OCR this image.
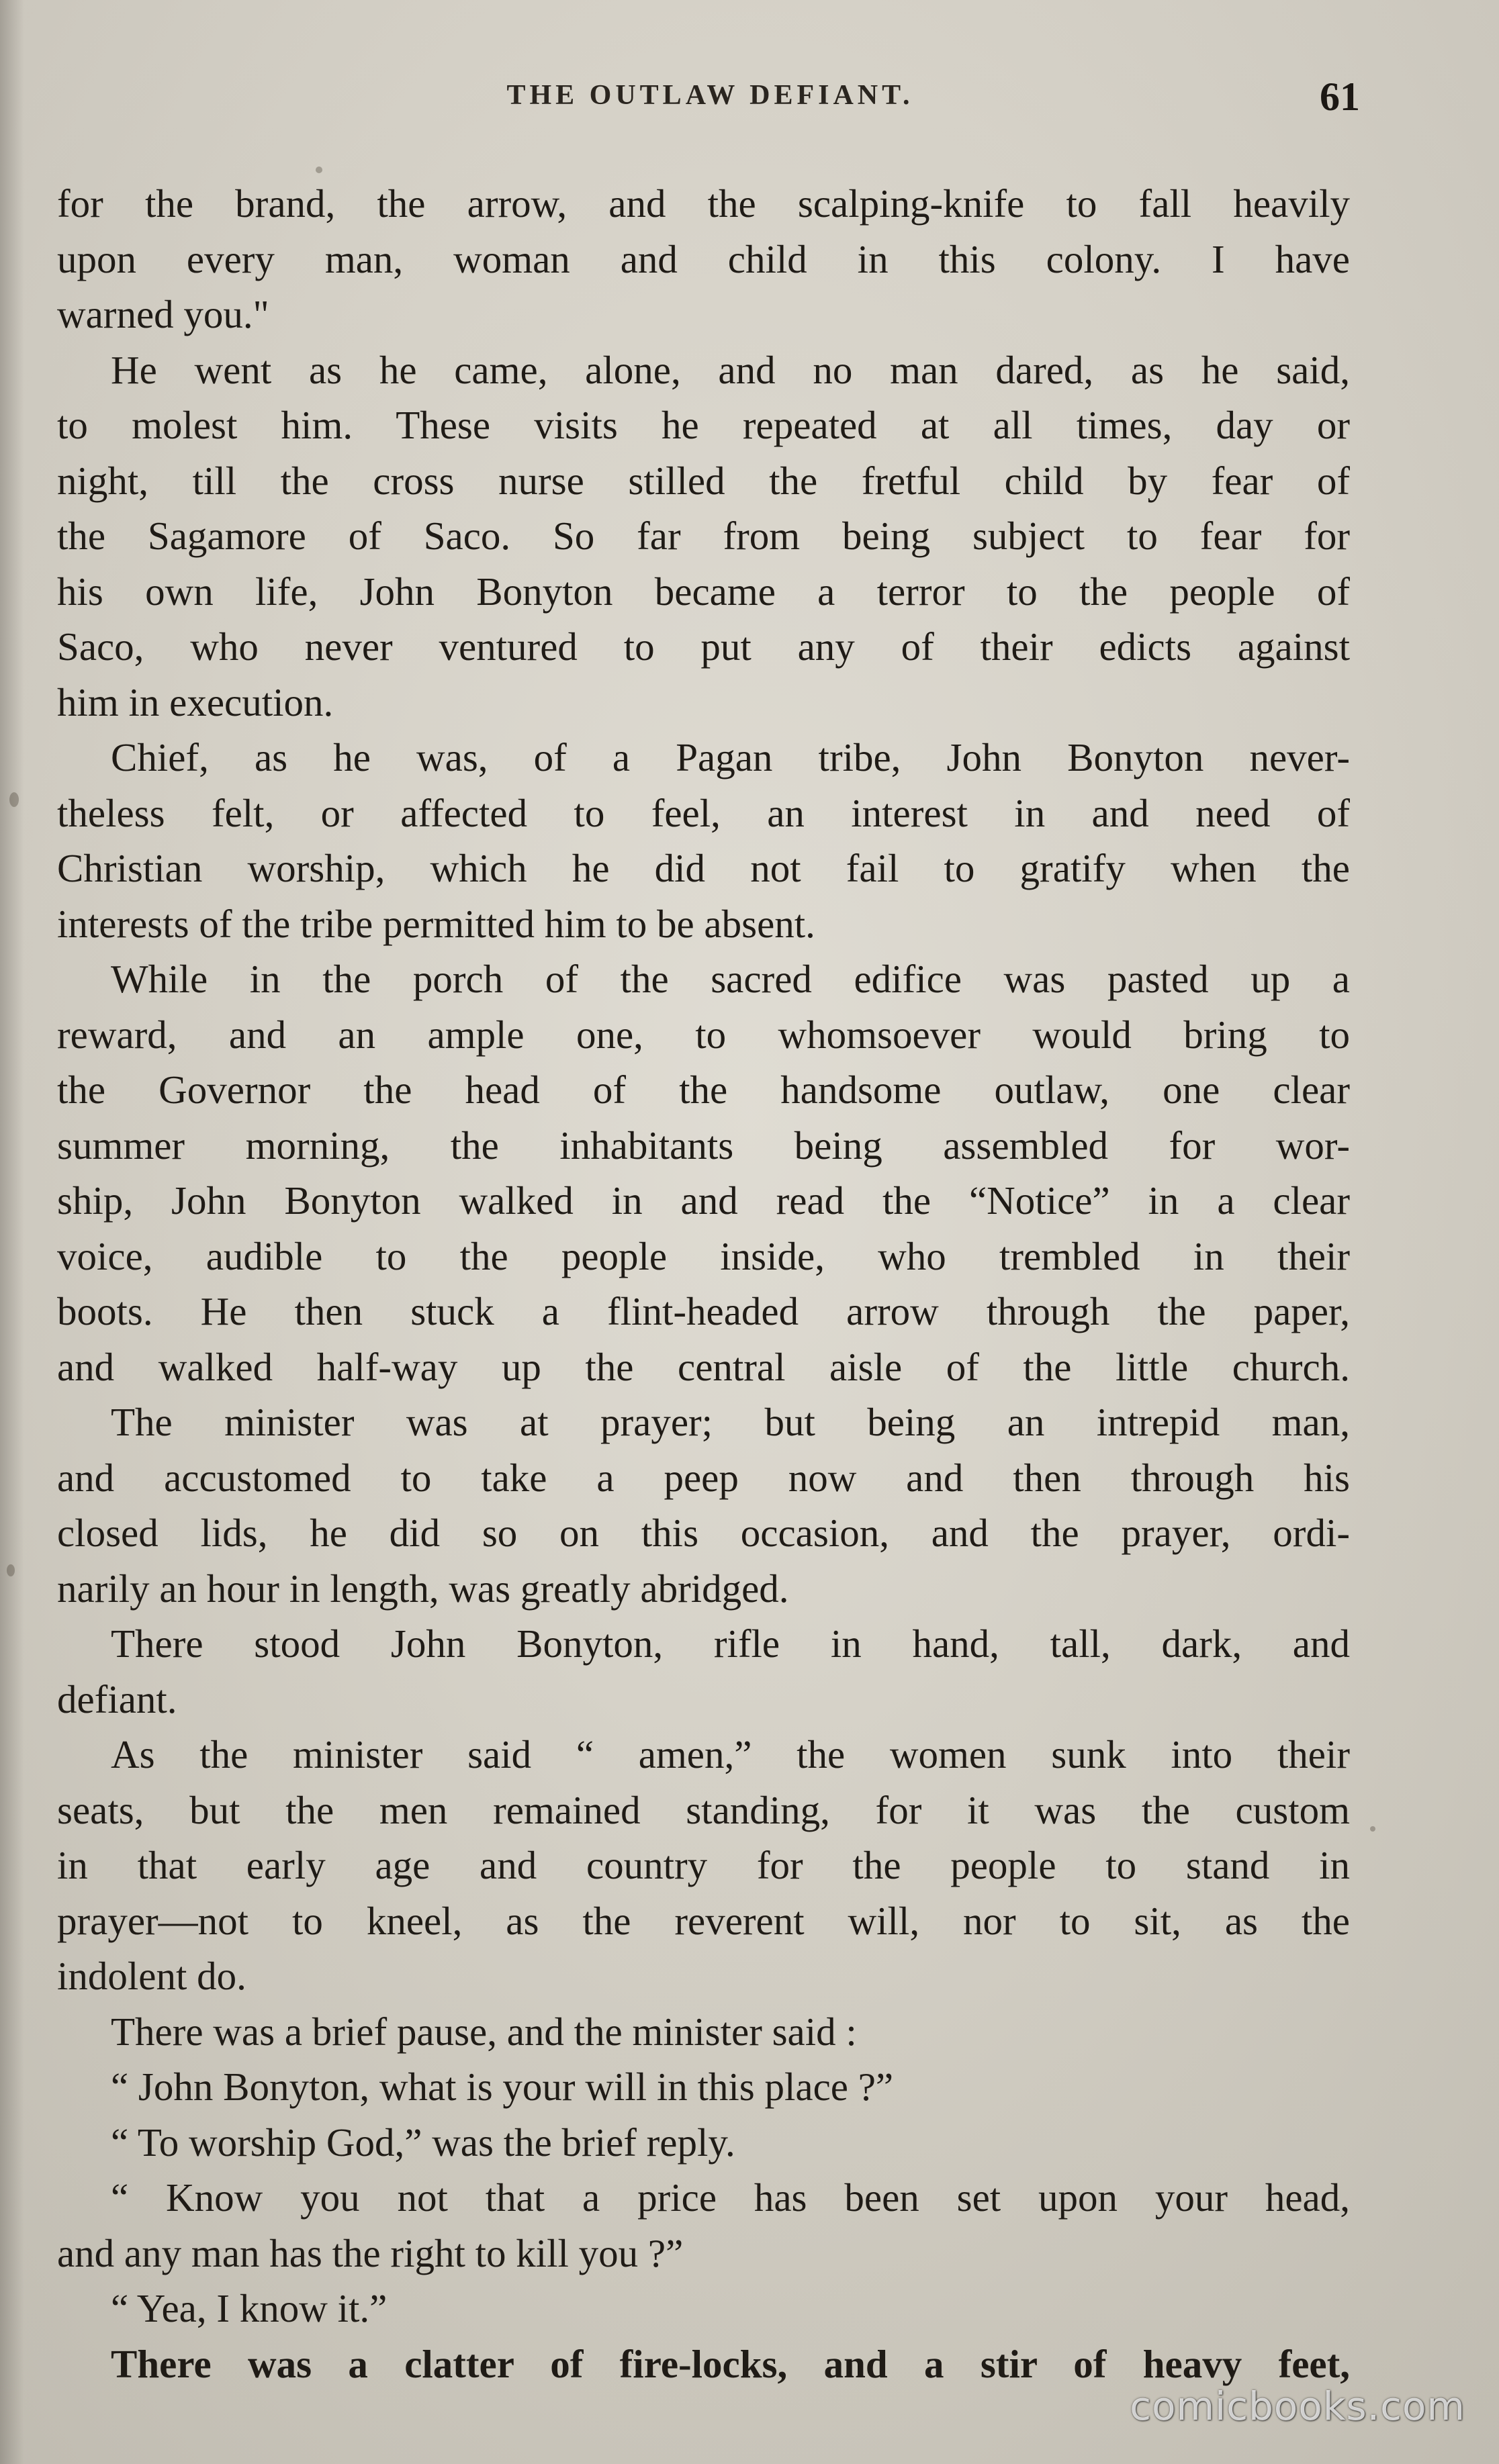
THE OUTLAW DEFIANT.	61
for the brand, the arrow, and the scalping-knife to fall heavily
upon every man, woman and child in this colony. I have
warned you."
He went as he came, alone, and no man dared, as he said,
to molest him. These visits he repeated at all times, day or
night, till the cross nurse stilled the fretful child by fear of
the Sagamore of Saco. So far from being subject to fear for
his own life, John Bonyton became a terror to the people of
Saco, who never ventured to put any of their edicts against
him in execution.
Chief, as he was, of a Pagan tribe, John Bonyton never-
theless felt, or affected to feel, an interest in and need of
Christian worship, which he did not fail to gratify when the
interests of the tribe permitted him to be absent.
While in the porch of the sacred edifice was pasted up a
reward, and an ample one, to whomsoever would bring to
the Governor the head of the handsome outlaw, one clear
summer morning, the inhabitants being assembled for wor-
ship, John Bonyton walked in and read the “Notice” in a clear
voice, audible to the people inside, who trembled in their
boots. He then stuck a flint-headed arrow through the paper,
and walked half-way up the central aisle of the little church.
The minister was at prayer; but being an intrepid man,
and accustomed to take a peep now and then through his
closed lids, he did so on this occasion, and the prayer, ordi-
narily an hour in length, was greatly abridged.
There stood John Bonyton, rifle in hand, tall, dark, and
defiant.
As the minister said “ amen,” the women sunk into their
seats, but the men remained standing, for it was the custom
in that early age and country for the people to stand in
prayer—not to kneel, as the reverent will, nor to sit, as the
indolent do.
There was a brief pause, and the minister said :
“ John Bonyton, what is your will in this place ?”
“ To worship God,” was the brief reply.
“ Know you not that a price has been set upon your head,
and any man has the right to kill you ?”
“ Yea, I know it.”
There was a clatter of fire-locks, and a stir of heavy feet,
comicbooks.com
